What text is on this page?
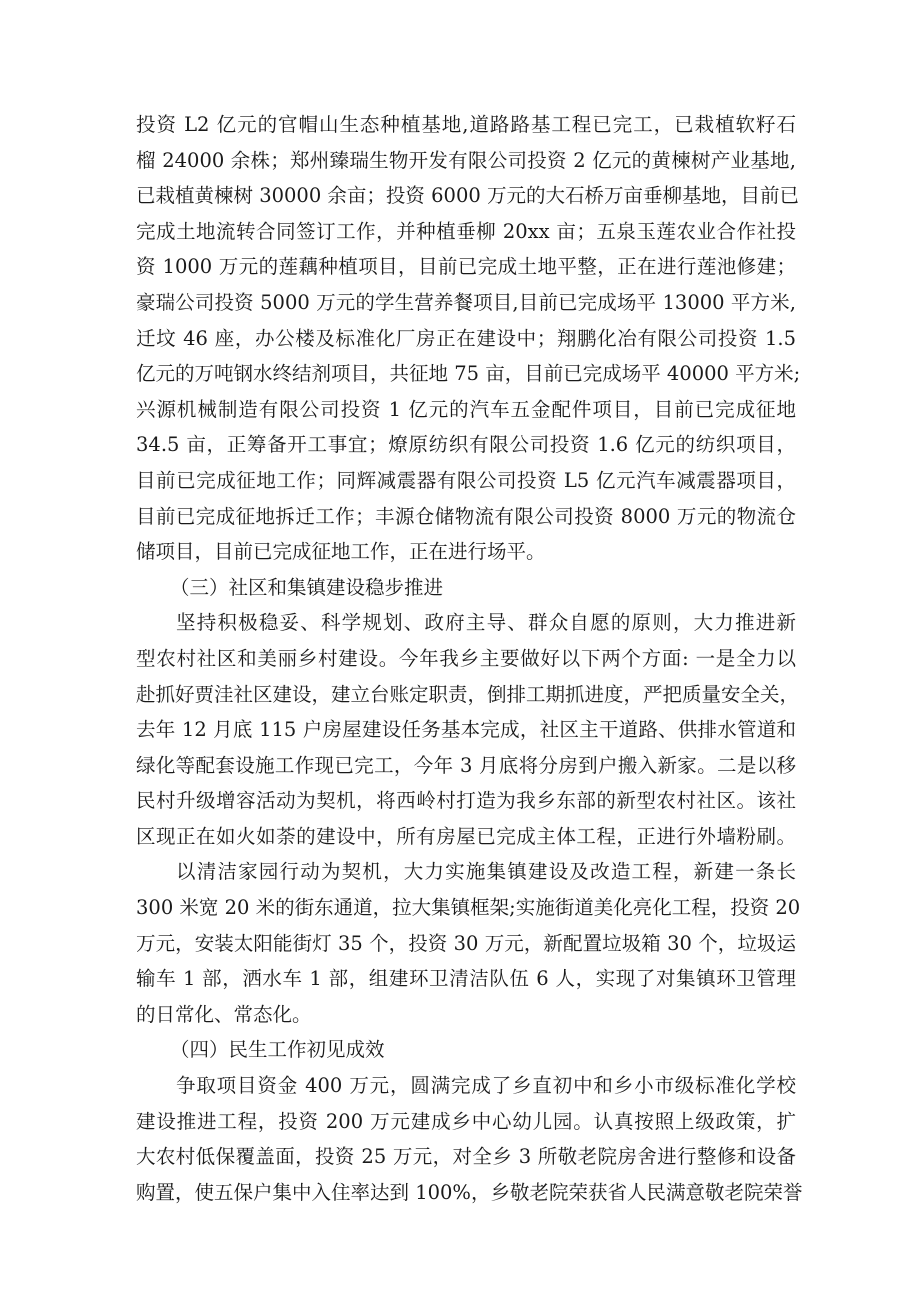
投资 L2 亿元的官帽山生态种植基地,道路路基工程已完工，已栽植软籽石
榴 24000 余株；郑州臻瑞生物开发有限公司投资 2 亿元的黄楝树产业基地,
已栽植黄楝树 30000 余亩；投资 6000 万元的大石桥万亩垂柳基地，目前已
完成土地流转合同签订工作，并种植垂柳 20xx 亩；五泉玉莲农业合作社投
资 1000 万元的莲藕种植项目，目前已完成土地平整，正在进行莲池修建；
豪瑞公司投资 5000 万元的学生营养餐项目,目前已完成场平 13000 平方米,
迁坟 46 座，办公楼及标准化厂房正在建设中；翔鹏化冶有限公司投资 1.5
亿元的万吨钢水终结剂项目，共征地 75 亩，目前已完成场平 40000 平方米;
兴源机械制造有限公司投资 1 亿元的汽车五金配件项目，目前已完成征地
34.5 亩，正筹备开工事宜；燎原纺织有限公司投资 1.6 亿元的纺织项目，
目前已完成征地工作；同辉减震器有限公司投资 L5 亿元汽车减震器项目，
目前已完成征地拆迁工作；丰源仓储物流有限公司投资 8000 万元的物流仓
储项目，目前已完成征地工作，正在进行场平。
（三）社区和集镇建设稳步推进
坚持积极稳妥、科学规划、政府主导、群众自愿的原则，大力推进新
型农村社区和美丽乡村建设。今年我乡主要做好以下两个方面: 一是全力以
赴抓好贾洼社区建设，建立台账定职责，倒排工期抓进度，严把质量安全关，
去年 12 月底 115 户房屋建设任务基本完成，社区主干道路、供排水管道和
绿化等配套设施工作现已完工，今年 3 月底将分房到户搬入新家。二是以移
民村升级增容活动为契机，将西岭村打造为我乡东部的新型农村社区。该社
区现正在如火如荼的建设中，所有房屋已完成主体工程，正进行外墙粉刷。
以清洁家园行动为契机，大力实施集镇建设及改造工程，新建一条长
300 米宽 20 米的街东通道，拉大集镇框架;实施街道美化亮化工程，投资 20
万元，安装太阳能街灯 35 个，投资 30 万元，新配置垃圾箱 30 个，垃圾运
输车 1 部，洒水车 1 部，组建环卫清洁队伍 6 人，实现了对集镇环卫管理
的日常化、常态化。
（四）民生工作初见成效
争取项目资金 400 万元，圆满完成了乡直初中和乡小市级标准化学校
建设推进工程，投资 200 万元建成乡中心幼儿园。认真按照上级政策，扩
大农村低保覆盖面，投资 25 万元，对全乡 3 所敬老院房舍进行整修和设备
购置，使五保户集中入住率达到 100%，乡敬老院荣获省人民满意敬老院荣誉
